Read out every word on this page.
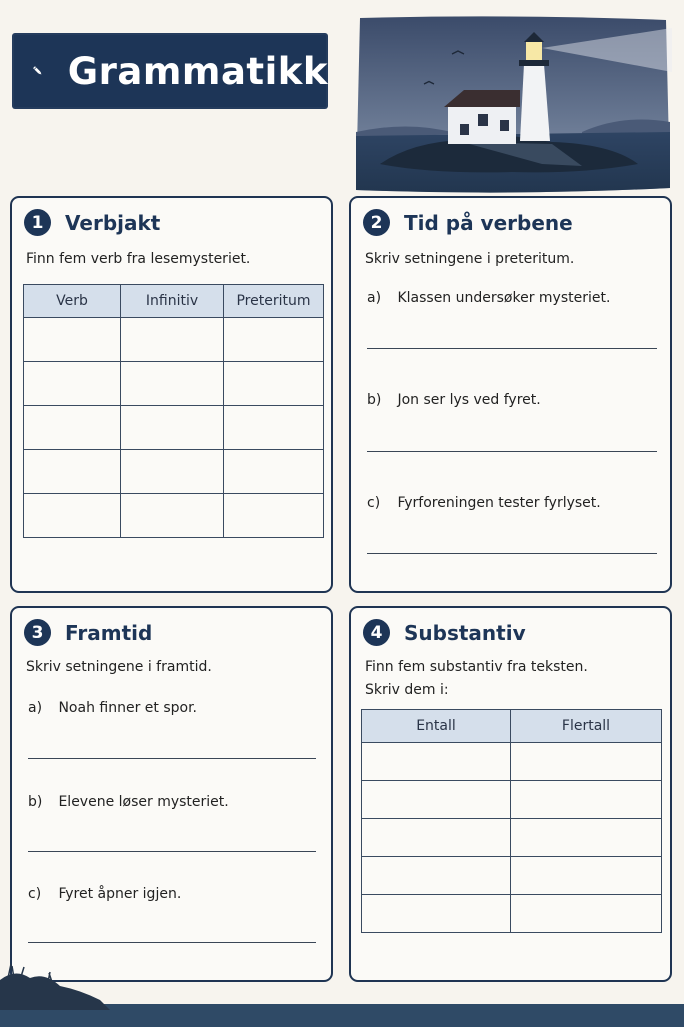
Grammatikk
1	Verbjakt
Finn fem verb fra lesemysteriet.
Verb	Infinitiv	Preteritum

2	Tid på verbene
Skriv setningene i preteritum.
a) Klassen undersøker mysteriet.
b) Jon ser lys ved fyret.
c) Fyrforeningen tester fyrlyset.
3	Framtid
Skriv setningene i framtid.
a) Noah finner et spor.
b) Elevene løser mysteriet.
c) Fyret åpner igjen.
4	Substantiv
Finn fem substantiv fra teksten.
Skriv dem i:
Entall	Flertall
